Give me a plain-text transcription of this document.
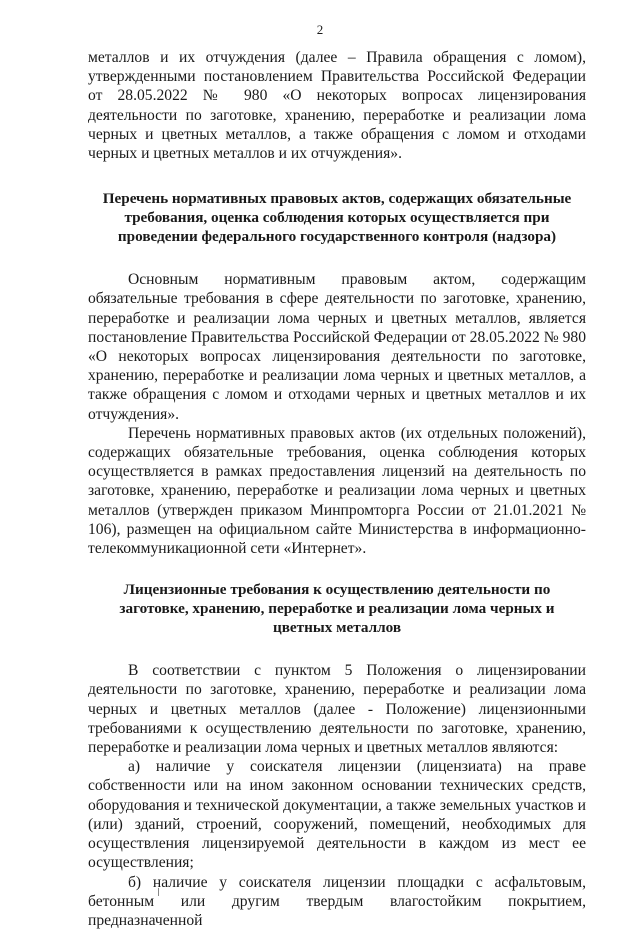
2

металлов и их отчуждения (далее – Правила обращения с ломом), утвержденными постановлением Правительства Российской Федерации от 28.05.2022 № 980 «О некоторых вопросах лицензирования деятельности по заготовке, хранению, переработке и реализации лома черных и цветных металлов, а также обращения с ломом и отходами черных и цветных металлов и их отчуждения».

Перечень нормативных правовых актов, содержащих обязательные требования, оценка соблюдения которых осуществляется при проведении федерального государственного контроля (надзора)

Основным нормативным правовым актом, содержащим обязательные требования в сфере деятельности по заготовке, хранению, переработке и реализации лома черных и цветных металлов, является постановление Правительства Российской Федерации от 28.05.2022 № 980 «О некоторых вопросах лицензирования деятельности по заготовке, хранению, переработке и реализации лома черных и цветных металлов, а также обращения с ломом и отходами черных и цветных металлов и их отчуждения».

Перечень нормативных правовых актов (их отдельных положений), содержащих обязательные требования, оценка соблюдения которых осуществляется в рамках предоставления лицензий на деятельность по заготовке, хранению, переработке и реализации лома черных и цветных металлов (утвержден приказом Минпромторга России от 21.01.2021 № 106), размещен на официальном сайте Министерства в информационно-телекоммуникационной сети «Интернет».

Лицензионные требования к осуществлению деятельности по заготовке, хранению, переработке и реализации лома черных и цветных металлов

В соответствии с пунктом 5 Положения о лицензировании деятельности по заготовке, хранению, переработке и реализации лома черных и цветных металлов (далее - Положение) лицензионными требованиями к осуществлению деятельности по заготовке, хранению, переработке и реализации лома черных и цветных металлов являются:

а) наличие у соискателя лицензии (лицензиата) на праве собственности или на ином законном основании технических средств, оборудования и технической документации, а также земельных участков и (или) зданий, строений, сооружений, помещений, необходимых для осуществления лицензируемой деятельности в каждом из мест ее осуществления;

б) наличие у соискателя лицензии площадки с асфальтовым, бетонным или другим твердым влагостойким покрытием, предназначенной
